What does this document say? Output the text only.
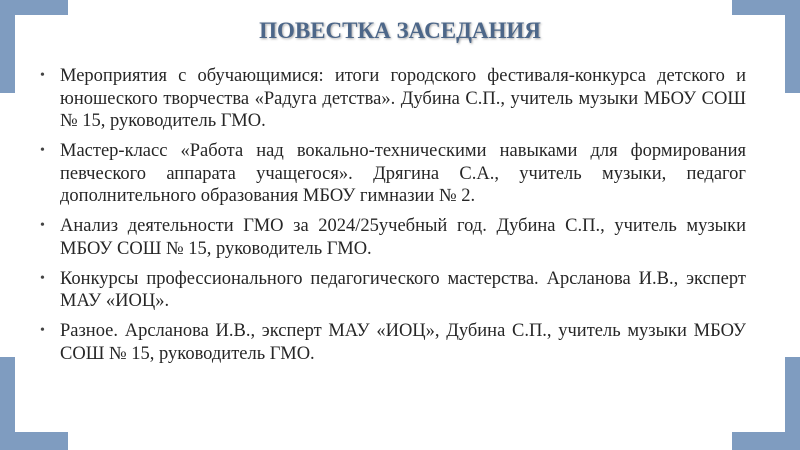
ПОВЕСТКА ЗАСЕДАНИЯ
• Мероприятия с обучающимися: итоги городского фестиваля-конкурса детского и юношеского творчества «Радуга детства». Дубина С.П., учитель музыки МБОУ СОШ № 15, руководитель ГМО.
• Мастер-класс «Работа над вокально-техническими навыками для формирования певческого аппарата учащегося». Дрягина С.А., учитель музыки, педагог дополнительного образования МБОУ гимназии № 2.
• Анализ деятельности ГМО за 2024/25учебный год. Дубина С.П., учитель музыки МБОУ СОШ № 15, руководитель ГМО.
• Конкурсы профессионального педагогического мастерства. Арсланова И.В., эксперт МАУ «ИОЦ».
• Разное. Арсланова И.В., эксперт МАУ «ИОЦ», Дубина С.П., учитель музыки МБОУ СОШ № 15, руководитель ГМО.
